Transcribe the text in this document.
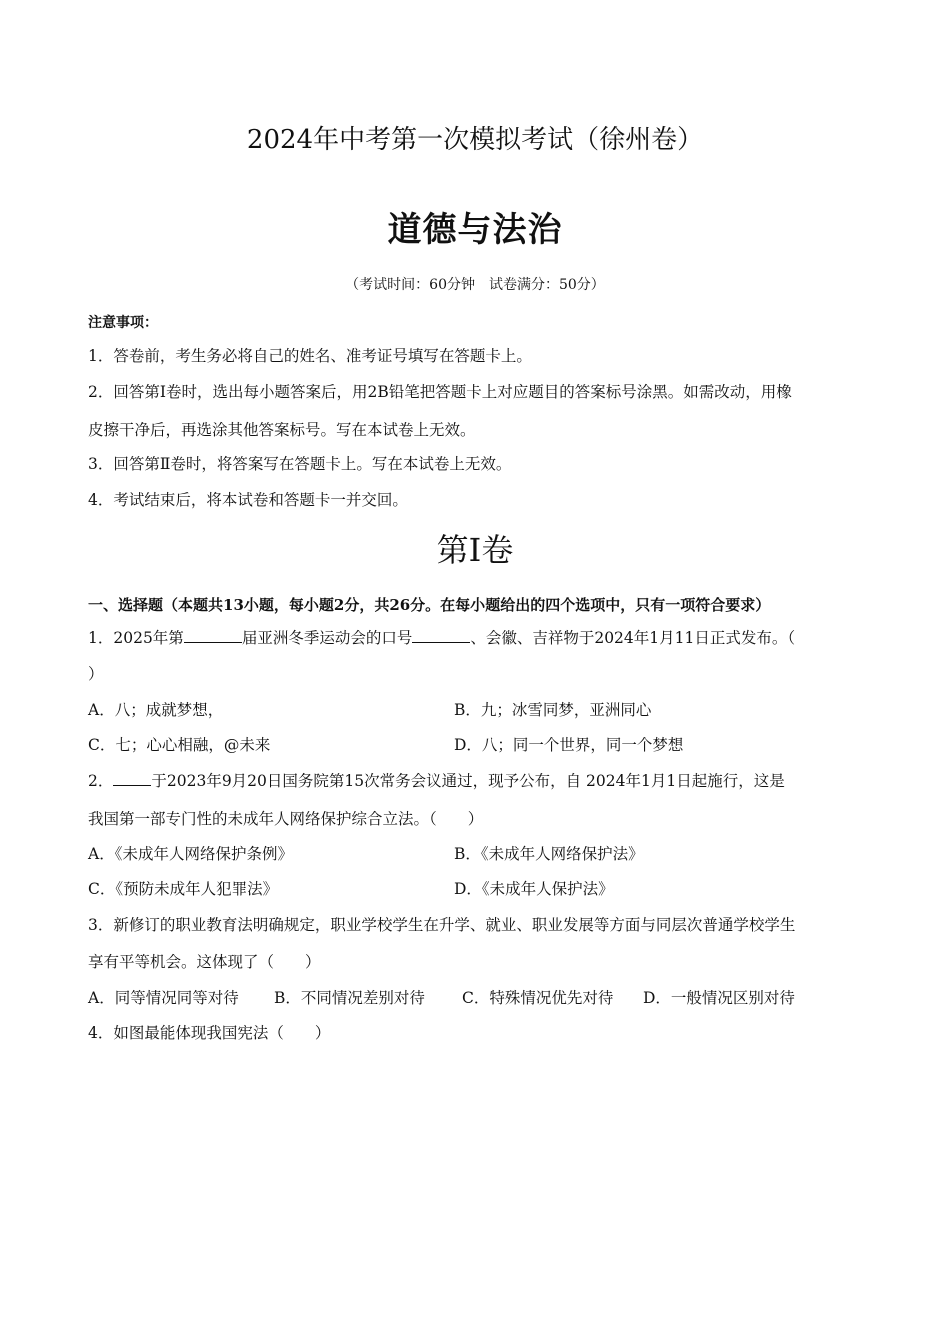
2024年中考第一次模拟考试（徐州卷）
道德与法治
（考试时间：60分钟　试卷满分：50分）
注意事项：
1．答卷前，考生务必将自己的姓名、准考证号填写在答题卡上。
2．回答第Ⅰ卷时，选出每小题答案后，用2B铅笔把答题卡上对应题目的答案标号涂黑。如需改动，用橡
皮擦干净后，再选涂其他答案标号。写在本试卷上无效。
3．回答第Ⅱ卷时，将答案写在答题卡上。写在本试卷上无效。
4．考试结束后，将本试卷和答题卡一并交回。
第Ⅰ卷
一、选择题（本题共13小题，每小题2分，共26分。在每小题给出的四个选项中，只有一项符合要求）
1．2025年第	届亚洲冬季运动会的口号	、会徽、吉祥物于2024年1月11日正式发布。（
）
A．八；成就梦想，	B．九；冰雪同梦，亚洲同心
C．七；心心相融，@未来	D．八；同一个世界，同一个梦想
2． 于2023年9月20日国务院第15次常务会议通过，现予公布，自 2024年1月1日起施行，这是
我国第一部专门性的未成年人网络保护综合立法。（　　）
A．《未成年人网络保护条例》	B．《未成年人网络保护法》
C．《预防未成年人犯罪法》	D．《未成年人保护法》
3．新修订的职业教育法明确规定，职业学校学生在升学、就业、职业发展等方面与同层次普通学校学生
享有平等机会。这体现了（　　）
A．同等情况同等对待 B．不同情况差别对待 C．特殊情况优先对待 D．一般情况区别对待
4．如图最能体现我国宪法（　　）
